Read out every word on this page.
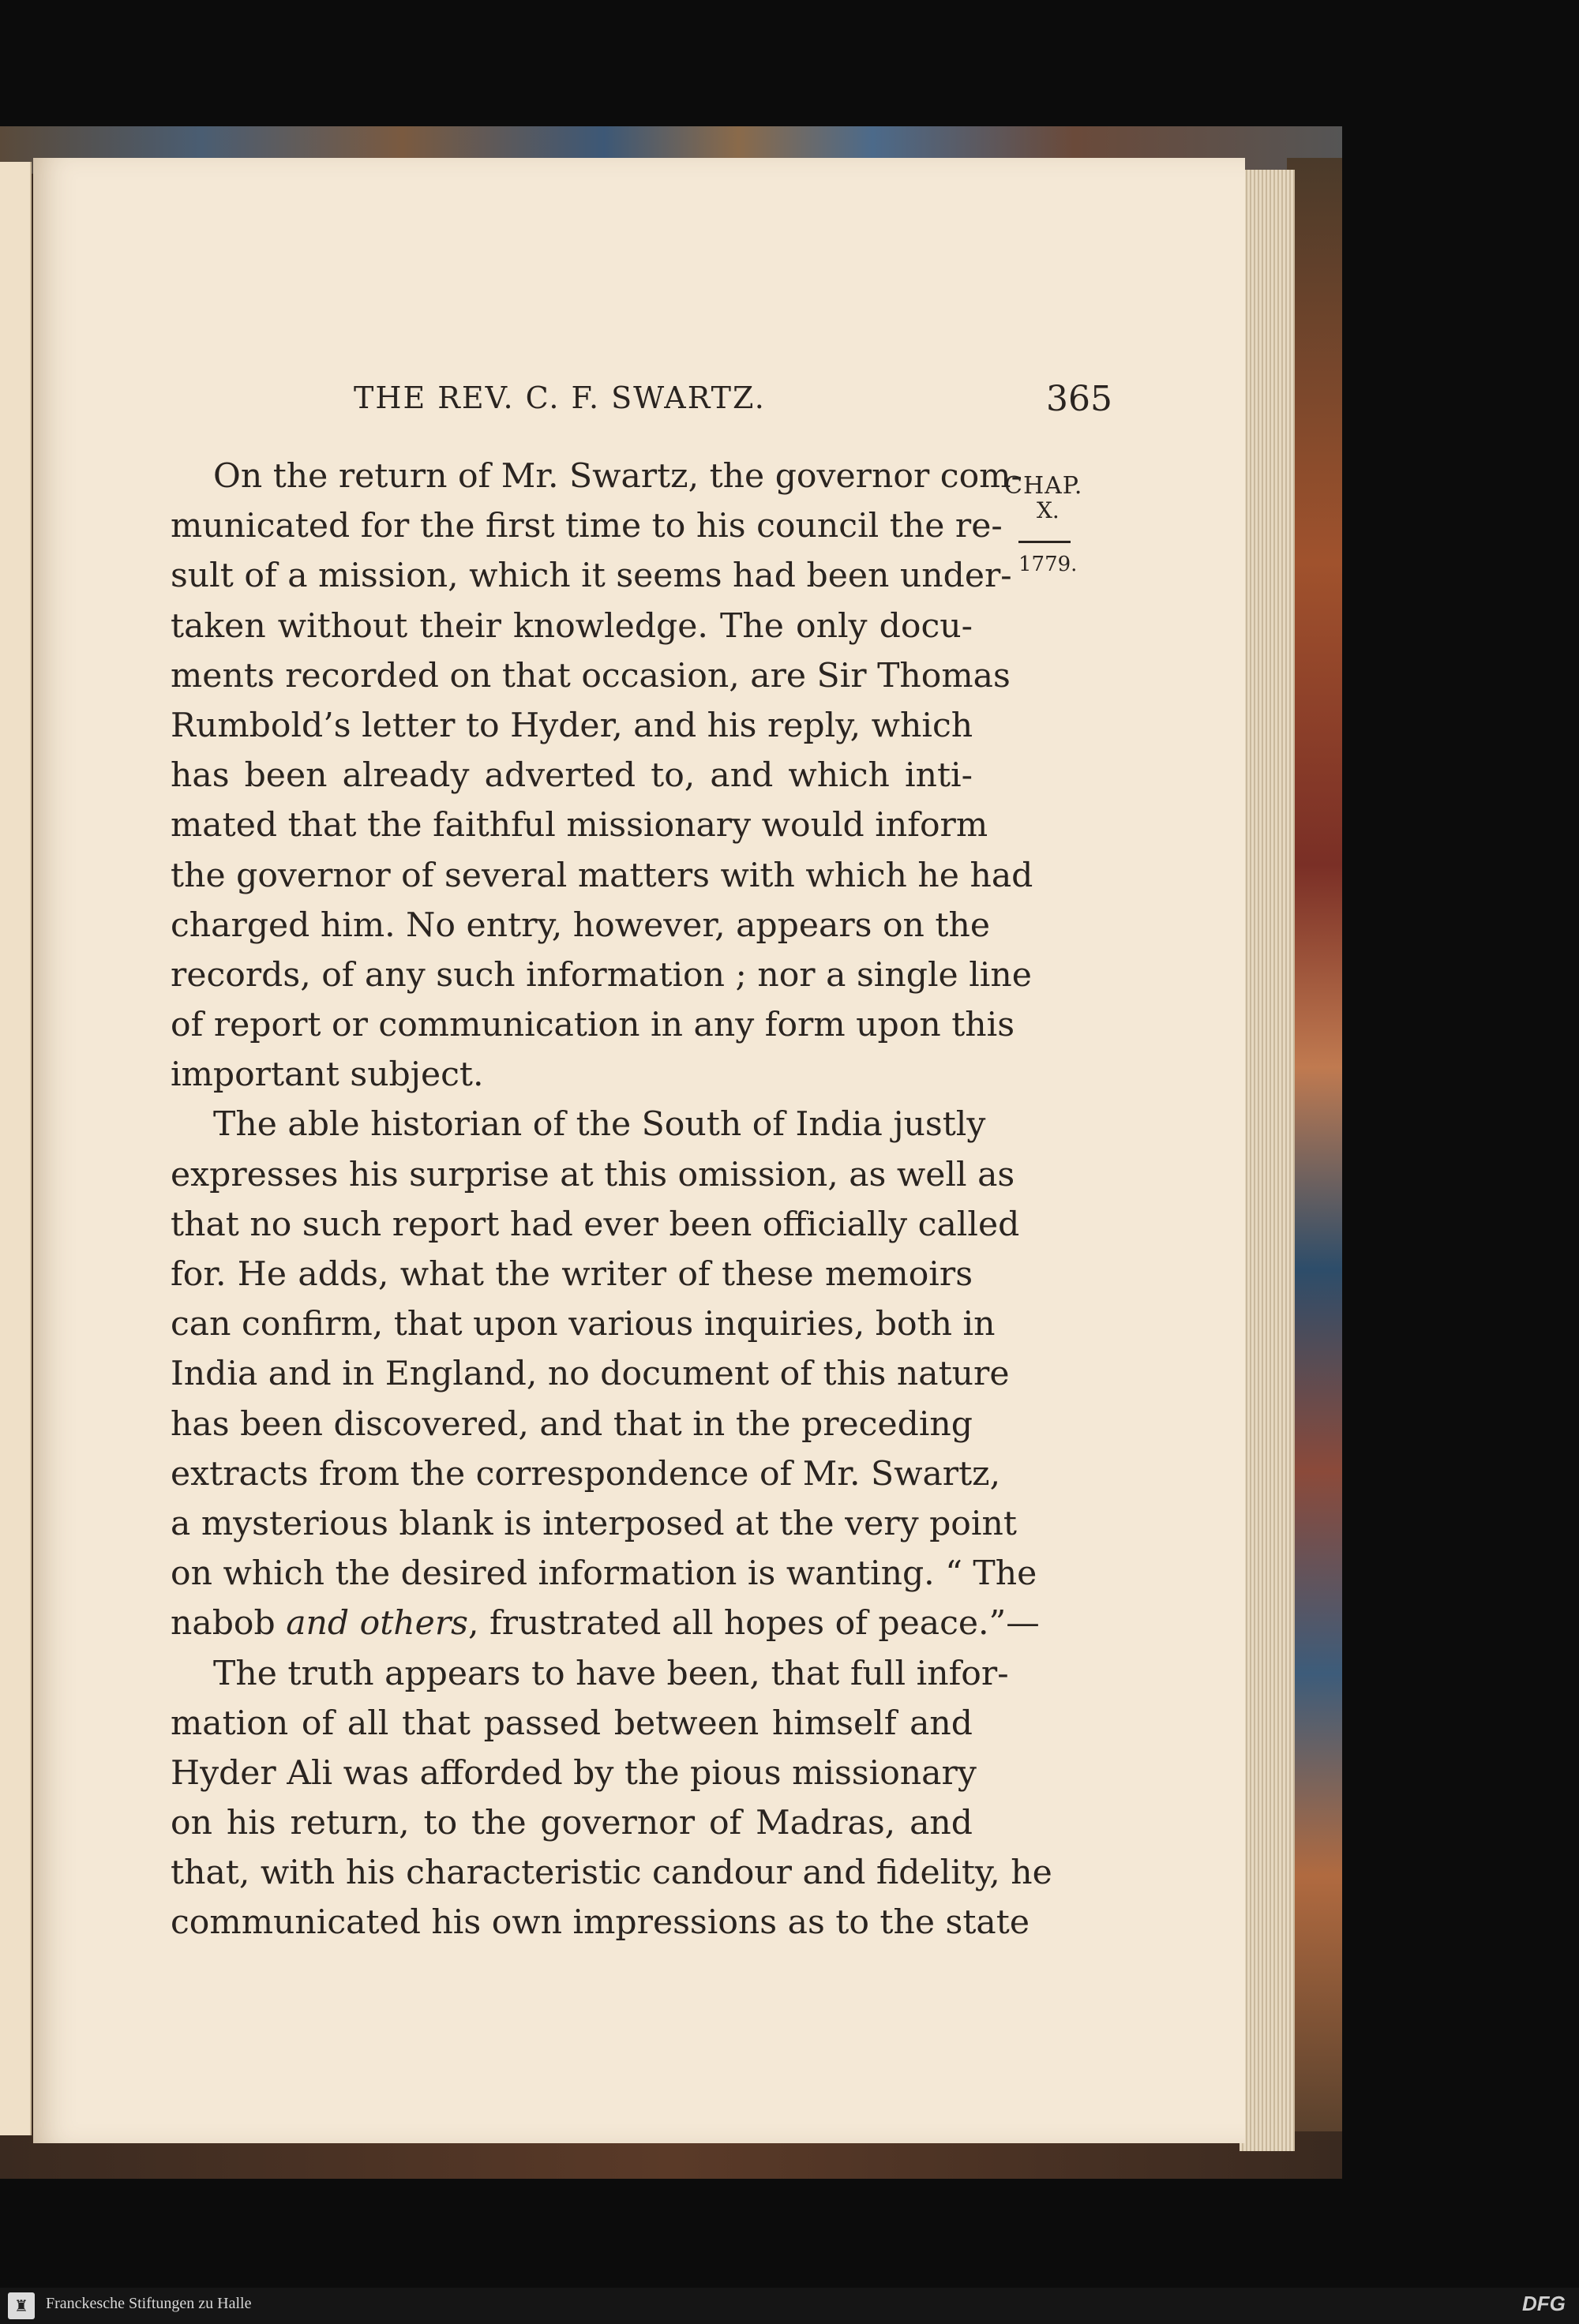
THE REV. C. F. SWARTZ.	365
CHAP.
X.
1779.
On the return of Mr. Swartz, the governor com-
municated for the first time to his council the re-
sult of a mission, which it seems had been under-
taken without their knowledge. The only docu-
ments recorded on that occasion, are Sir Thomas
Rumbold’s letter to Hyder, and his reply, which
has been already adverted to, and which inti-
mated that the faithful missionary would inform
the governor of several matters with which he had
charged him. No entry, however, appears on the
records, of any such information ; nor a single line
of report or communication in any form upon this
important subject.
The able historian of the South of India justly
expresses his surprise at this omission, as well as
that no such report had ever been officially called
for. He adds, what the writer of these memoirs
can confirm, that upon various inquiries, both in
India and in England, no document of this nature
has been discovered, and that in the preceding
extracts from the correspondence of Mr. Swartz,
a mysterious blank is interposed at the very point
on which the desired information is wanting. “ The
nabob and others, frustrated all hopes of peace.”—
The truth appears to have been, that full infor-
mation of all that passed between himself and
Hyder Ali was afforded by the pious missionary
on his return, to the governor of Madras, and
that, with his characteristic candour and fidelity, he
communicated his own impressions as to the state
♜	Franckesche Stiftungen zu Halle	DFG
